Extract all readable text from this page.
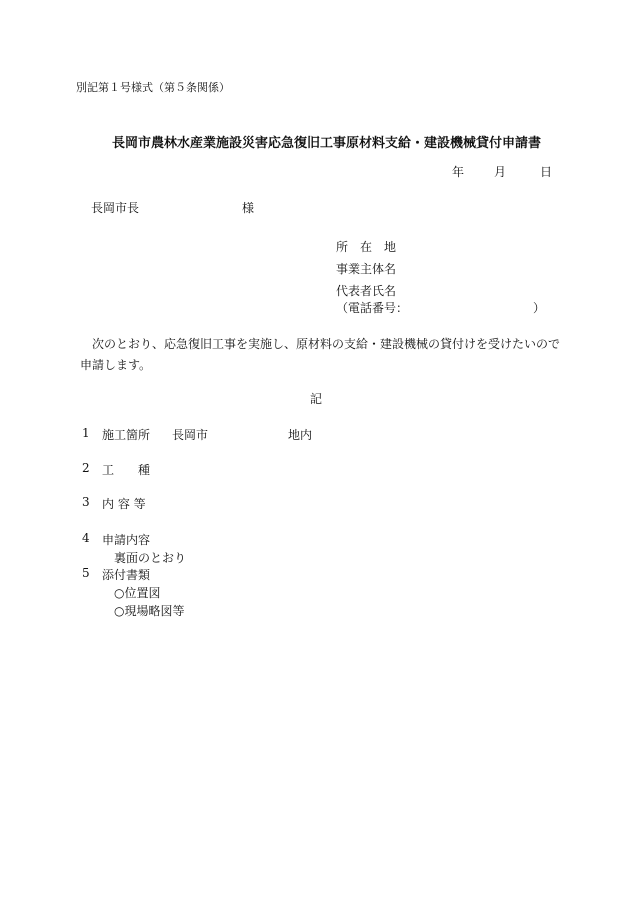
別記第１号様式（第５条関係）
長岡市農林水産業施設災害応急復旧工事原材料支給・建設機械貸付申請書
年 月	日
長岡市長	様
所　在　地
事業主体名
代表者氏名
（電話番号：	）
次のとおり、応急復旧工事を実施し、原材料の支給・建設機械の貸付けを受けたいので申請します。
記
1 施工箇所 長岡市	地内
2 工　　種
3 内 容 等
4 申請内容
裏面のとおり
5 添付書類
○位置図
○現場略図等
